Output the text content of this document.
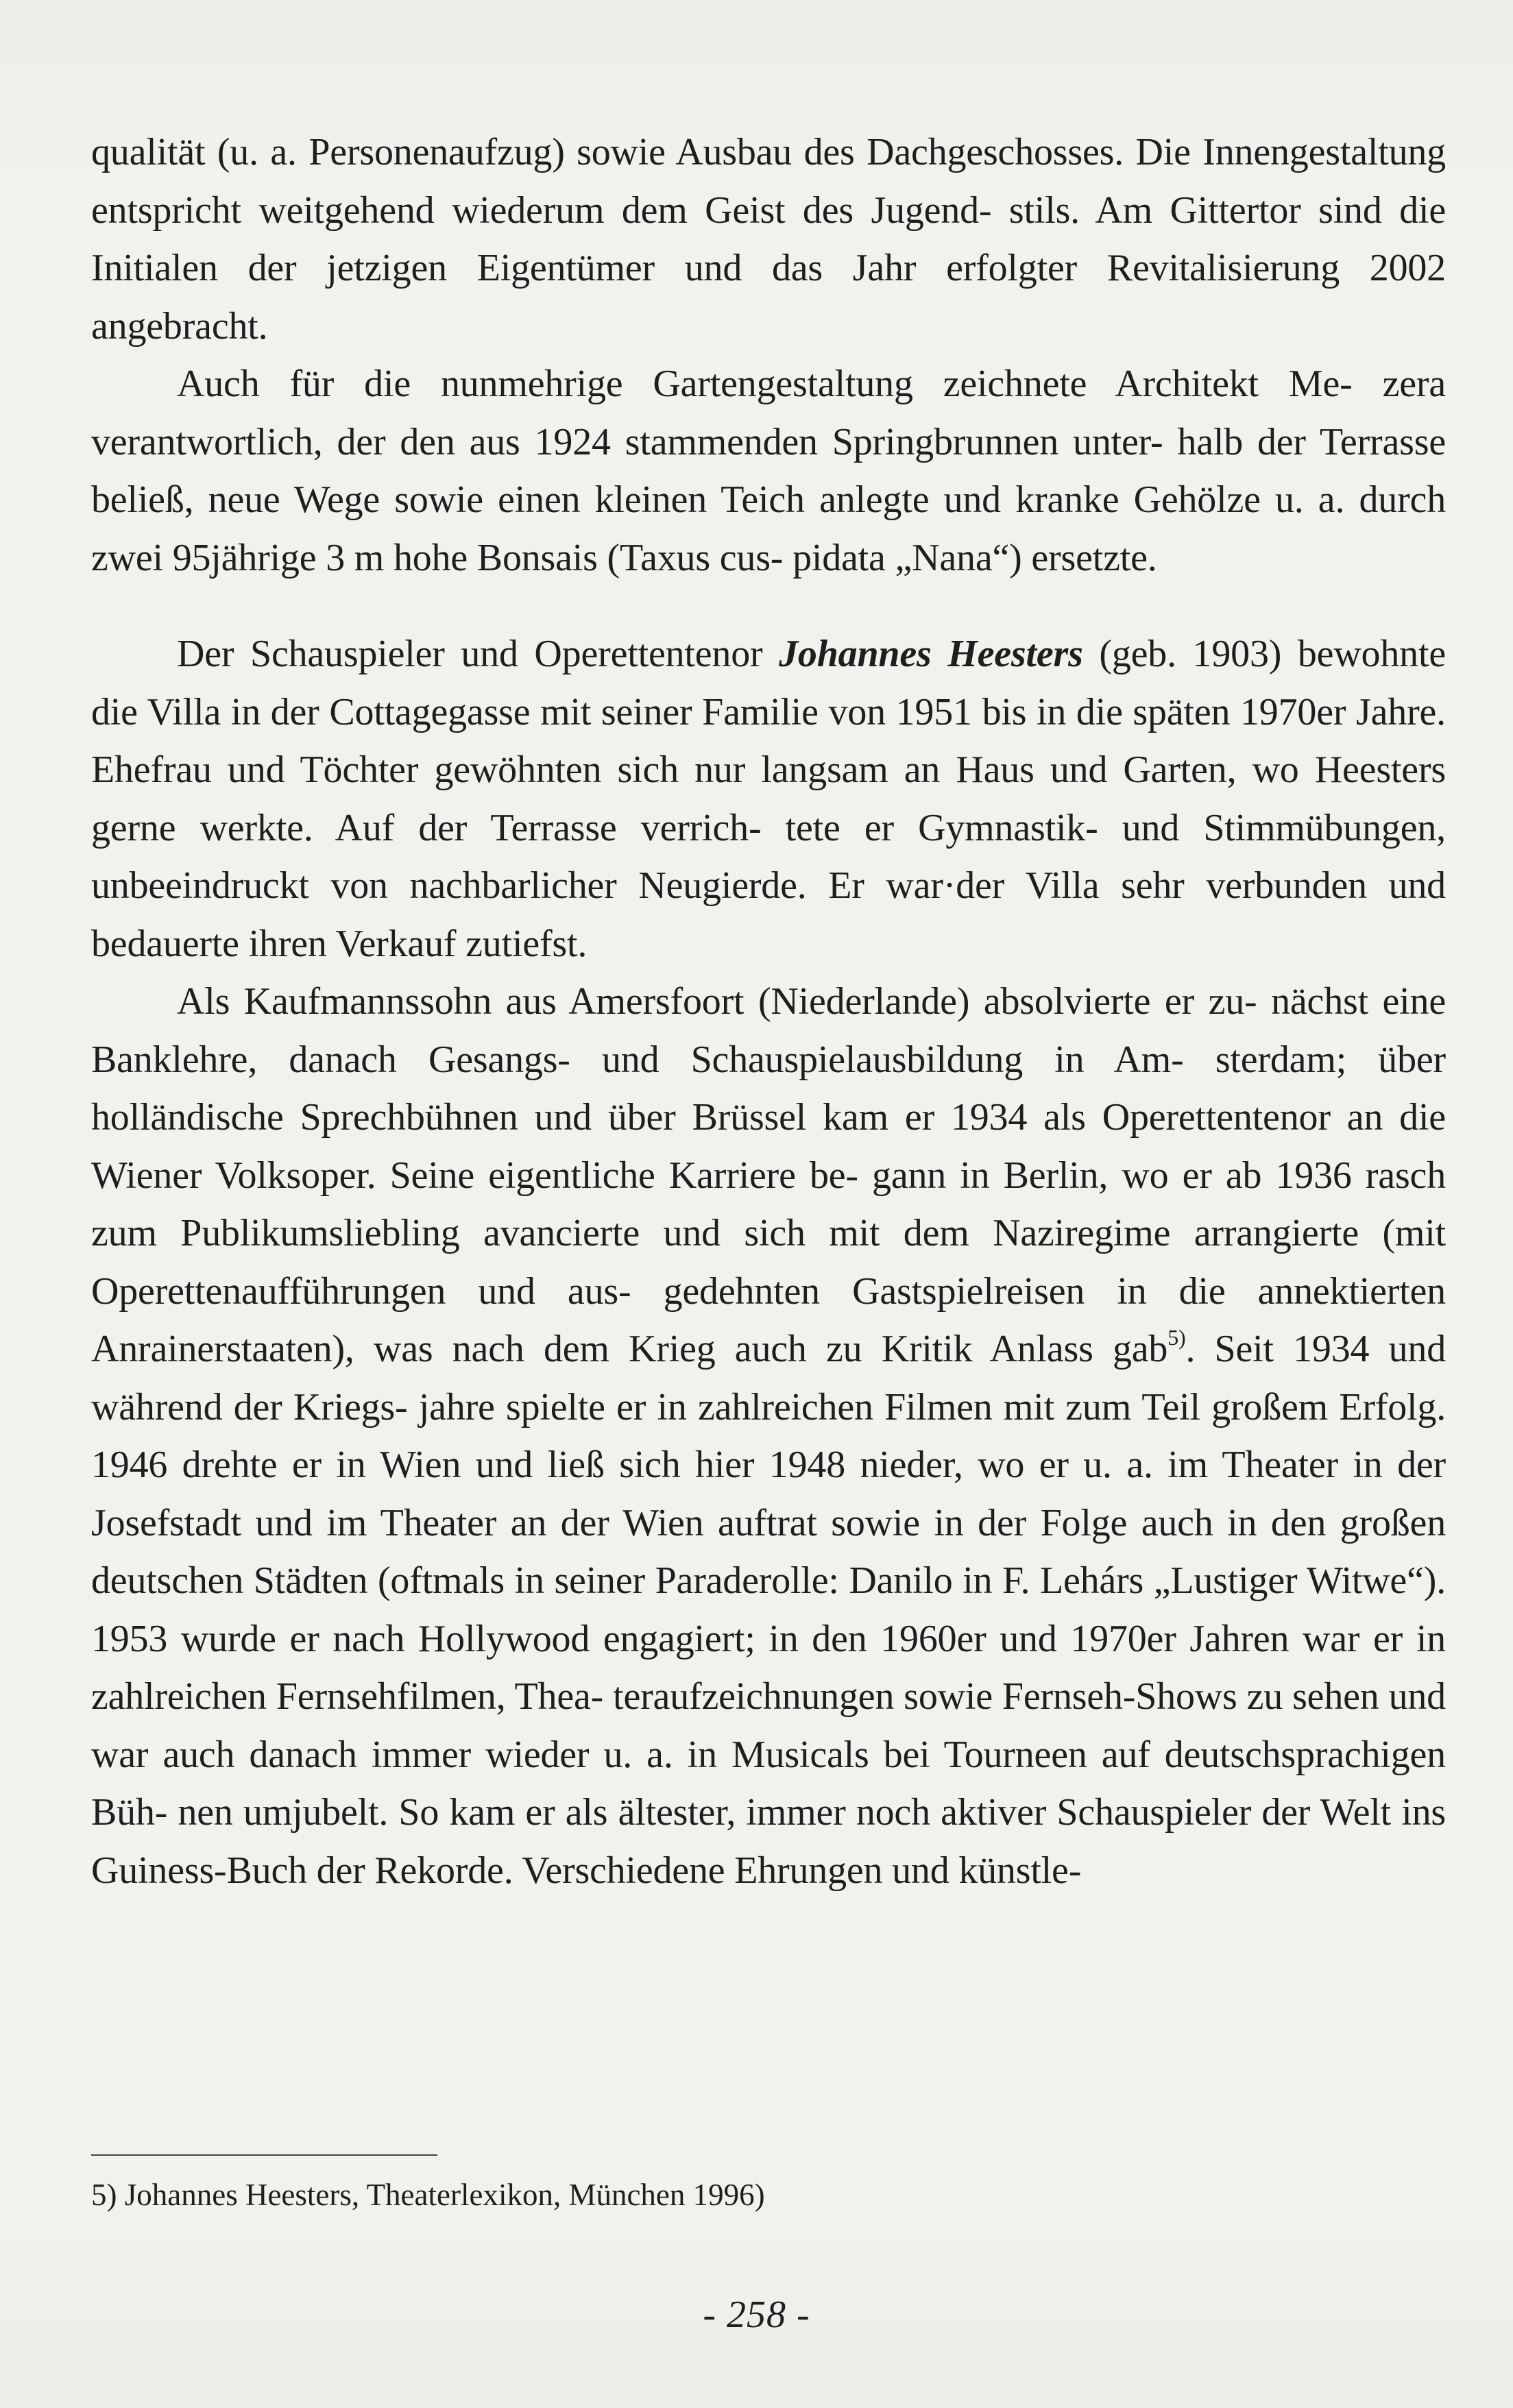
qualität (u. a. Personenaufzug) sowie Ausbau des Dachgeschosses. Die Innengestaltung entspricht weitgehend wiederum dem Geist des Jugend- stils. Am Gittertor sind die Initialen der jetzigen Eigentümer und das Jahr erfolgter Revitalisierung 2002 angebracht.

Auch für die nunmehrige Gartengestaltung zeichnete Architekt Me- zera verantwortlich, der den aus 1924 stammenden Springbrunnen unter- halb der Terrasse beließ, neue Wege sowie einen kleinen Teich anlegte und kranke Gehölze u. a. durch zwei 95jährige 3 m hohe Bonsais (Taxus cus- pidata „Nana“) ersetzte.

Der Schauspieler und Operettentenor Johannes Heesters (geb. 1903) bewohnte die Villa in der Cottagegasse mit seiner Familie von 1951 bis in die späten 1970er Jahre. Ehefrau und Töchter gewöhnten sich nur langsam an Haus und Garten, wo Heesters gerne werkte. Auf der Terrasse verrich- tete er Gymnastik- und Stimmübungen, unbeeindruckt von nachbarlicher Neugierde. Er war·der Villa sehr verbunden und bedauerte ihren Verkauf zutiefst.

Als Kaufmannssohn aus Amersfoort (Niederlande) absolvierte er zu- nächst eine Banklehre, danach Gesangs- und Schauspielausbildung in Am- sterdam; über holländische Sprechbühnen und über Brüssel kam er 1934 als Operettentenor an die Wiener Volksoper. Seine eigentliche Karriere be- gann in Berlin, wo er ab 1936 rasch zum Publikumsliebling avancierte und sich mit dem Naziregime arrangierte (mit Operettenaufführungen und aus- gedehnten Gastspielreisen in die annektierten Anrainerstaaten), was nach dem Krieg auch zu Kritik Anlass gab$^{5)}$. Seit 1934 und während der Kriegs- jahre spielte er in zahlreichen Filmen mit zum Teil großem Erfolg. 1946 drehte er in Wien und ließ sich hier 1948 nieder, wo er u. a. im Theater in der Josefstadt und im Theater an der Wien auftrat sowie in der Folge auch in den großen deutschen Städten (oftmals in seiner Paraderolle: Danilo in F. Lehárs „Lustiger Witwe“). 1953 wurde er nach Hollywood engagiert; in den 1960er und 1970er Jahren war er in zahlreichen Fernsehfilmen, Thea- teraufzeichnungen sowie Fernseh-Shows zu sehen und war auch danach immer wieder u. a. in Musicals bei Tourneen auf deutschsprachigen Büh- nen umjubelt. So kam er als ältester, immer noch aktiver Schauspieler der Welt ins Guiness-Buch der Rekorde. Verschiedene Ehrungen und künstle-

5) Johannes Heesters, Theaterlexikon, München 1996)

- 258 -
